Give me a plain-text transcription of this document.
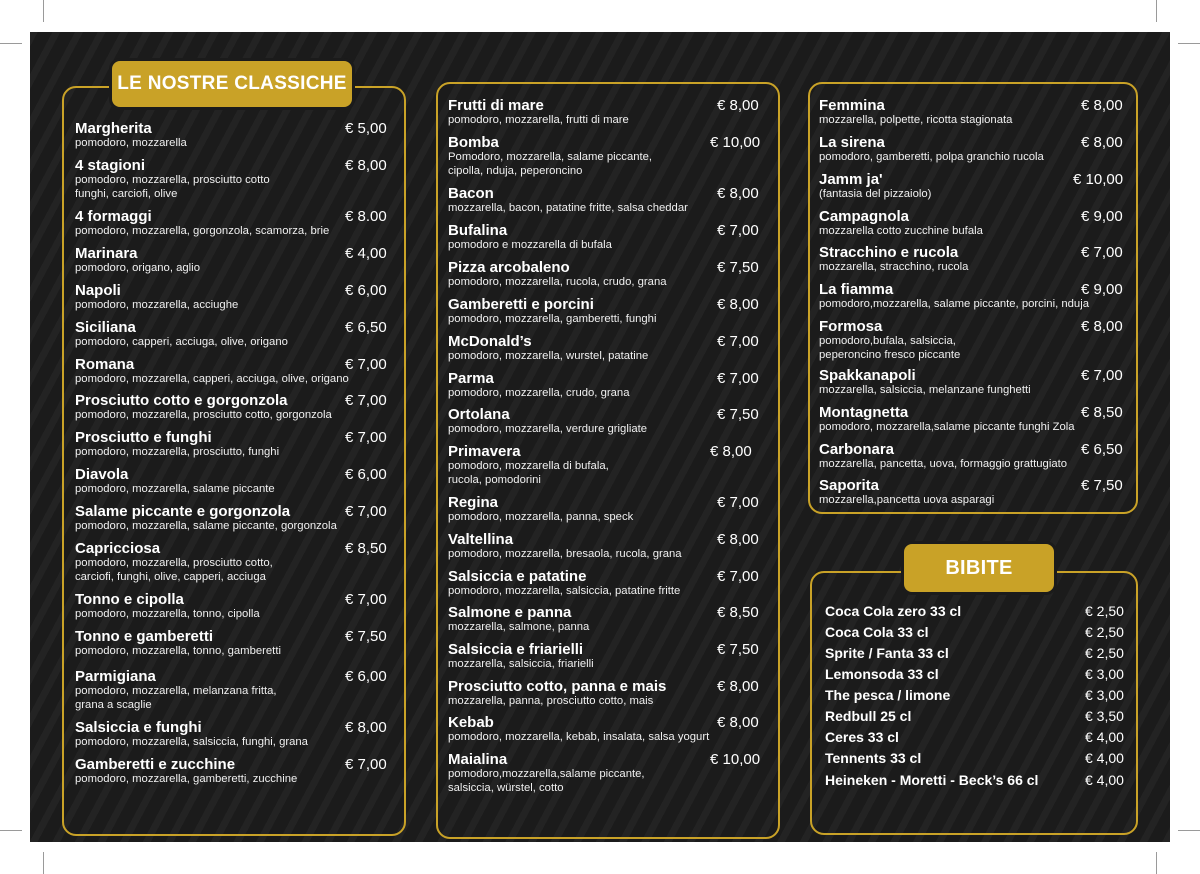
LE NOSTRE CLASSICHE
Margherita	€ 5,00
pomodoro, mozzarella
4 stagioni	€ 8,00
pomodoro, mozzarella, prosciutto cotto
funghi, carciofi, olive
4 formaggi	€ 8.00
pomodoro, mozzarella, gorgonzola, scamorza, brie
Marinara	€ 4,00
pomodoro, origano, aglio
Napoli	€ 6,00
pomodoro, mozzarella, acciughe
Siciliana	€ 6,50
pomodoro, capperi, acciuga, olive, origano
Romana	€ 7,00
pomodoro, mozzarella, capperi, acciuga, olive, origano
Prosciutto cotto e gorgonzola	€ 7,00
pomodoro, mozzarella, prosciutto cotto, gorgonzola
Prosciutto e funghi	€ 7,00
pomodoro, mozzarella, prosciutto, funghi
Diavola	€ 6,00
pomodoro, mozzarella, salame piccante
Salame piccante e gorgonzola	€ 7,00
pomodoro, mozzarella, salame piccante, gorgonzola
Capricciosa	€ 8,50
pomodoro, mozzarella, prosciutto cotto,
carciofi, funghi, olive, capperi, acciuga
Tonno e cipolla	€ 7,00
pomodoro, mozzarella, tonno, cipolla
Tonno e gamberetti	€ 7,50
pomodoro, mozzarella, tonno, gamberetti
Parmigiana	€ 6,00
pomodoro, mozzarella, melanzana fritta,
grana a scaglie
Salsiccia e funghi	€ 8,00
pomodoro, mozzarella, salsiccia, funghi, grana
Gamberetti e zucchine	€ 7,00
pomodoro, mozzarella, gamberetti, zucchine
Frutti di mare	€ 8,00
pomodoro, mozzarella, frutti di mare
Bomba	€ 10,00
Pomodoro, mozzarella, salame piccante,
cipolla, nduja, peperoncino
Bacon	€ 8,00
mozzarella, bacon, patatine fritte, salsa cheddar
Bufalina	€ 7,00
pomodoro e mozzarella di bufala
Pizza arcobaleno	€ 7,50
pomodoro, mozzarella, rucola, crudo, grana
Gamberetti e porcini	€ 8,00
pomodoro, mozzarella, gamberetti, funghi
McDonald’s	€ 7,00
pomodoro, mozzarella, wurstel, patatine
Parma	€ 7,00
pomodoro, mozzarella, crudo, grana
Ortolana	€ 7,50
pomodoro, mozzarella, verdure grigliate
Primavera	€ 8,00
pomodoro, mozzarella di bufala,
rucola, pomodorini
Regina	€ 7,00
pomodoro, mozzarella, panna, speck
Valtellina	€ 8,00
pomodoro, mozzarella, bresaola, rucola, grana
Salsiccia e patatine	€ 7,00
pomodoro, mozzarella, salsiccia, patatine fritte
Salmone e panna	€ 8,50
mozzarella, salmone, panna
Salsiccia e friarielli	€ 7,50
mozzarella, salsiccia, friarielli
Prosciutto cotto, panna e mais	€ 8,00
mozzarella, panna, prosciutto cotto, mais
Kebab	€ 8,00
pomodoro, mozzarella, kebab, insalata, salsa yogurt
Maialina	€ 10,00
pomodoro,mozzarella,salame piccante,
salsiccia, würstel, cotto
Femmina	€ 8,00
mozzarella, polpette, ricotta stagionata
La sirena	€ 8,00
pomodoro, gamberetti, polpa granchio rucola
Jamm ja'	€ 10,00
(fantasia del pizzaiolo)
Campagnola	€ 9,00
mozzarella cotto zucchine bufala
Stracchino e rucola	€ 7,00
mozzarella, stracchino, rucola
La fiamma	€ 9,00
pomodoro,mozzarella, salame piccante, porcini, nduja
Formosa	€ 8,00
pomodoro,bufala, salsiccia,
peperoncino fresco piccante
Spakkanapoli	€ 7,00
mozzarella, salsiccia, melanzane funghetti
Montagnetta	€ 8,50
pomodoro, mozzarella,salame piccante funghi Zola
Carbonara	€ 6,50
mozzarella, pancetta, uova, formaggio grattugiato
Saporita	€ 7,50
mozzarella,pancetta uova asparagi
BIBITE
Coca Cola zero 33 cl	€ 2,50
Coca Cola 33 cl	€ 2,50
Sprite / Fanta 33 cl	€ 2,50
Lemonsoda 33 cl	€ 3,00
The pesca / limone	€ 3,00
Redbull 25 cl	€ 3,50
Ceres 33 cl	€ 4,00
Tennents 33 cl	€ 4,00
Heineken - Moretti - Beck’s 66 cl	€ 4,00
